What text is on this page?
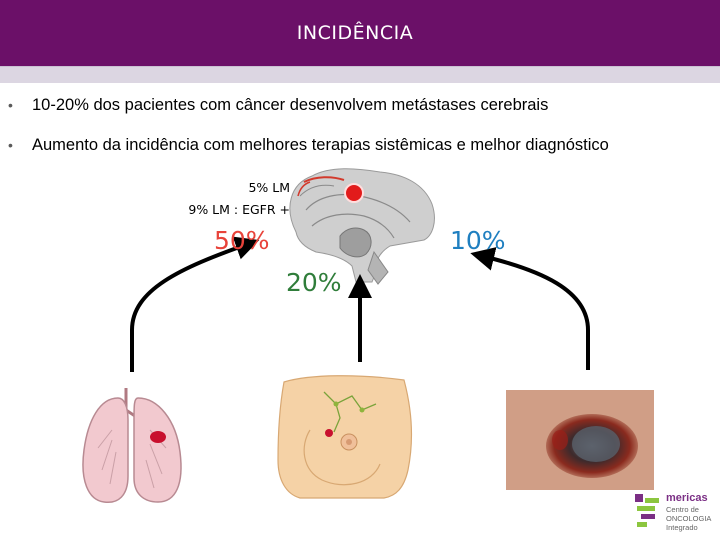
INCIDÊNCIA
•	10-20% dos pacientes com câncer desenvolvem metástases cerebrais
•	Aumento da incidência com melhores terapias sistêmicas e melhor diagnóstico
5% LM
9% LM : EGFR +
50%
20%
10%
mericas
Centro de
ONCOLOGIA
Integrado
